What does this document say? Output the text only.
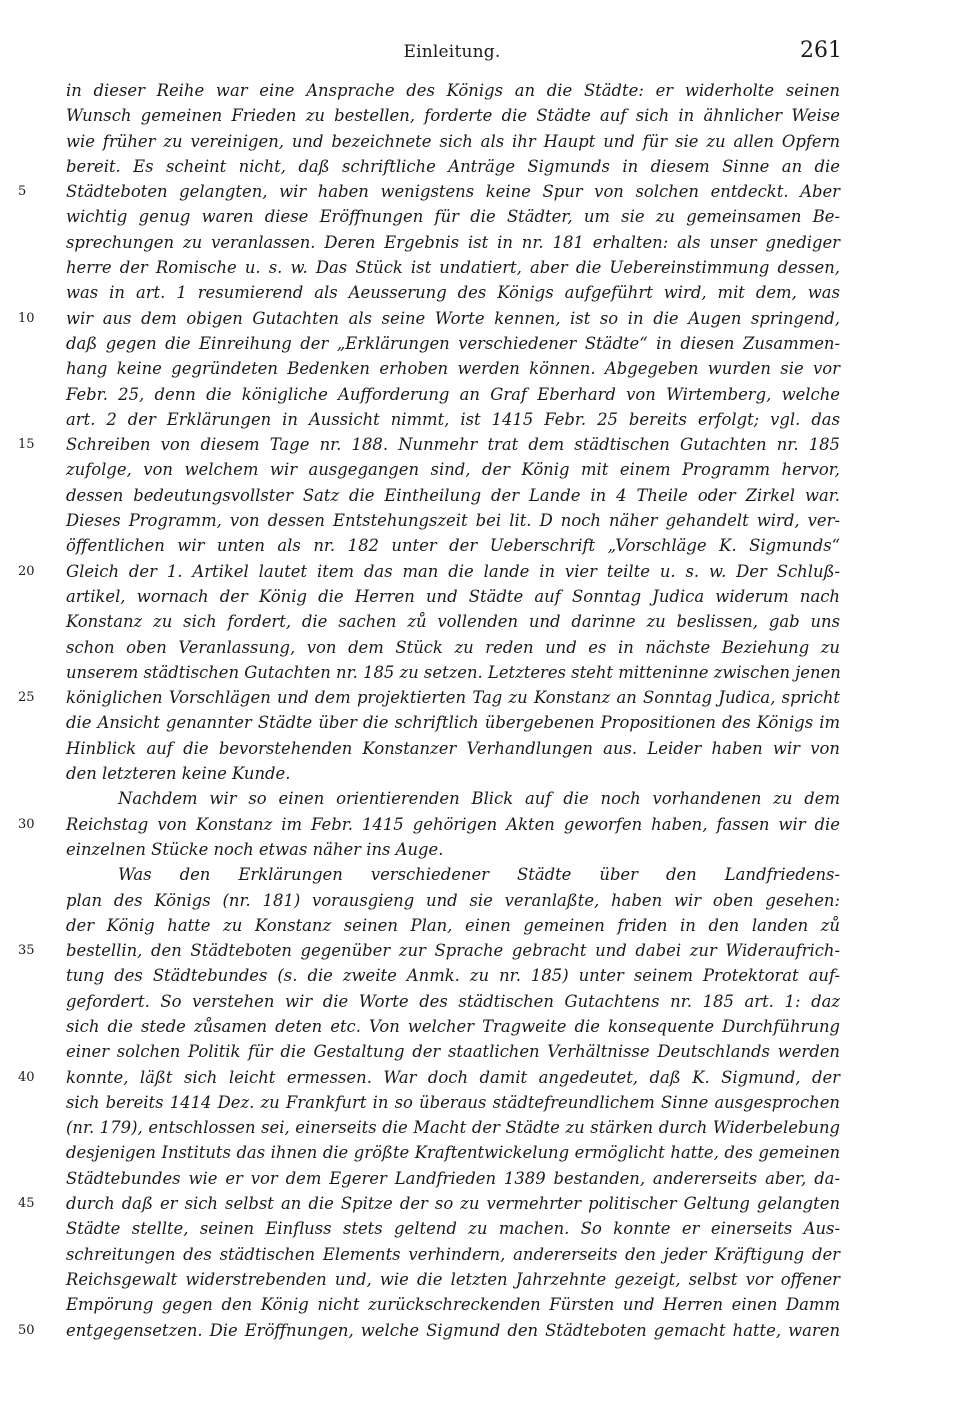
Einleitung.	261
in dieser Reihe war eine Ansprache des Königs an die Städte: er widerholte seinen
Wunsch gemeinen Frieden zu bestellen, forderte die Städte auf sich in ähnlicher Weise
wie früher zu vereinigen, und bezeichnete sich als ihr Haupt und für sie zu allen Opfern
bereit. Es scheint nicht, daß schriftliche Anträge Sigmunds in diesem Sinne an die
5	Städteboten gelangten, wir haben wenigstens keine Spur von solchen entdeckt. Aber
wichtig genug waren diese Eröffnungen für die Städter, um sie zu gemeinsamen Be-
sprechungen zu veranlassen. Deren Ergebnis ist in nr. 181 erhalten: als unser gnediger
herre der Romische u. s. w. Das Stück ist undatiert, aber die Uebereinstimmung dessen,
was in art. 1 resumierend als Aeusserung des Königs aufgeführt wird, mit dem, was
10	wir aus dem obigen Gutachten als seine Worte kennen, ist so in die Augen springend,
daß gegen die Einreihung der „Erklärungen verschiedener Städte“ in diesen Zusammen-
hang keine gegründeten Bedenken erhoben werden können. Abgegeben wurden sie vor
Febr. 25, denn die königliche Aufforderung an Graf Eberhard von Wirtemberg, welche
art. 2 der Erklärungen in Aussicht nimmt, ist 1415 Febr. 25 bereits erfolgt; vgl. das
15	Schreiben von diesem Tage nr. 188. Nunmehr trat dem städtischen Gutachten nr. 185
zufolge, von welchem wir ausgegangen sind, der König mit einem Programm hervor,
dessen bedeutungsvollster Satz die Eintheilung der Lande in 4 Theile oder Zirkel war.
Dieses Programm, von dessen Entstehungszeit bei lit. D noch näher gehandelt wird, ver-
öffentlichen wir unten als nr. 182 unter der Ueberschrift „Vorschläge K. Sigmunds“
20	Gleich der 1. Artikel lautet item das man die lande in vier teilte u. s. w. Der Schluß-
artikel, wornach der König die Herren und Städte auf Sonntag Judica widerum nach
Konstanz zu sich fordert, die sachen zů vollenden und darinne zu beslissen, gab uns
schon oben Veranlassung, von dem Stück zu reden und es in nächste Beziehung zu
unserem städtischen Gutachten nr. 185 zu setzen. Letzteres steht mitteninne zwischen jenen
25	königlichen Vorschlägen und dem projektierten Tag zu Konstanz an Sonntag Judica, spricht
die Ansicht genannter Städte über die schriftlich übergebenen Propositionen des Königs im
Hinblick auf die bevorstehenden Konstanzer Verhandlungen aus. Leider haben wir von
den letzteren keine Kunde.
Nachdem wir so einen orientierenden Blick auf die noch vorhandenen zu dem
30	Reichstag von Konstanz im Febr. 1415 gehörigen Akten geworfen haben, fassen wir die
einzelnen Stücke noch etwas näher ins Auge.
Was den Erklärungen verschiedener Städte über den Landfriedens-
plan des Königs (nr. 181) vorausgieng und sie veranlaßte, haben wir oben gesehen:
der König hatte zu Konstanz seinen Plan, einen gemeinen friden in den landen zů
35	bestellin, den Städteboten gegenüber zur Sprache gebracht und dabei zur Wideraufrich-
tung des Städtebundes (s. die zweite Anmk. zu nr. 185) unter seinem Protektorat auf-
gefordert. So verstehen wir die Worte des städtischen Gutachtens nr. 185 art. 1: daz
sich die stede zůsamen deten etc. Von welcher Tragweite die konsequente Durchführung
einer solchen Politik für die Gestaltung der staatlichen Verhältnisse Deutschlands werden
40	konnte, läßt sich leicht ermessen. War doch damit angedeutet, daß K. Sigmund, der
sich bereits 1414 Dez. zu Frankfurt in so überaus städtefreundlichem Sinne ausgesprochen
(nr. 179), entschlossen sei, einerseits die Macht der Städte zu stärken durch Widerbelebung
desjenigen Instituts das ihnen die größte Kraftentwickelung ermöglicht hatte, des gemeinen
Städtebundes wie er vor dem Egerer Landfrieden 1389 bestanden, andererseits aber, da-
45	durch daß er sich selbst an die Spitze der so zu vermehrter politischer Geltung gelangten
Städte stellte, seinen Einfluss stets geltend zu machen. So konnte er einerseits Aus-
schreitungen des städtischen Elements verhindern, andererseits den jeder Kräftigung der
Reichsgewalt widerstrebenden und, wie die letzten Jahrzehnte gezeigt, selbst vor offener
Empörung gegen den König nicht zurückschreckenden Fürsten und Herren einen Damm
50	entgegensetzen. Die Eröffnungen, welche Sigmund den Städteboten gemacht hatte, waren
